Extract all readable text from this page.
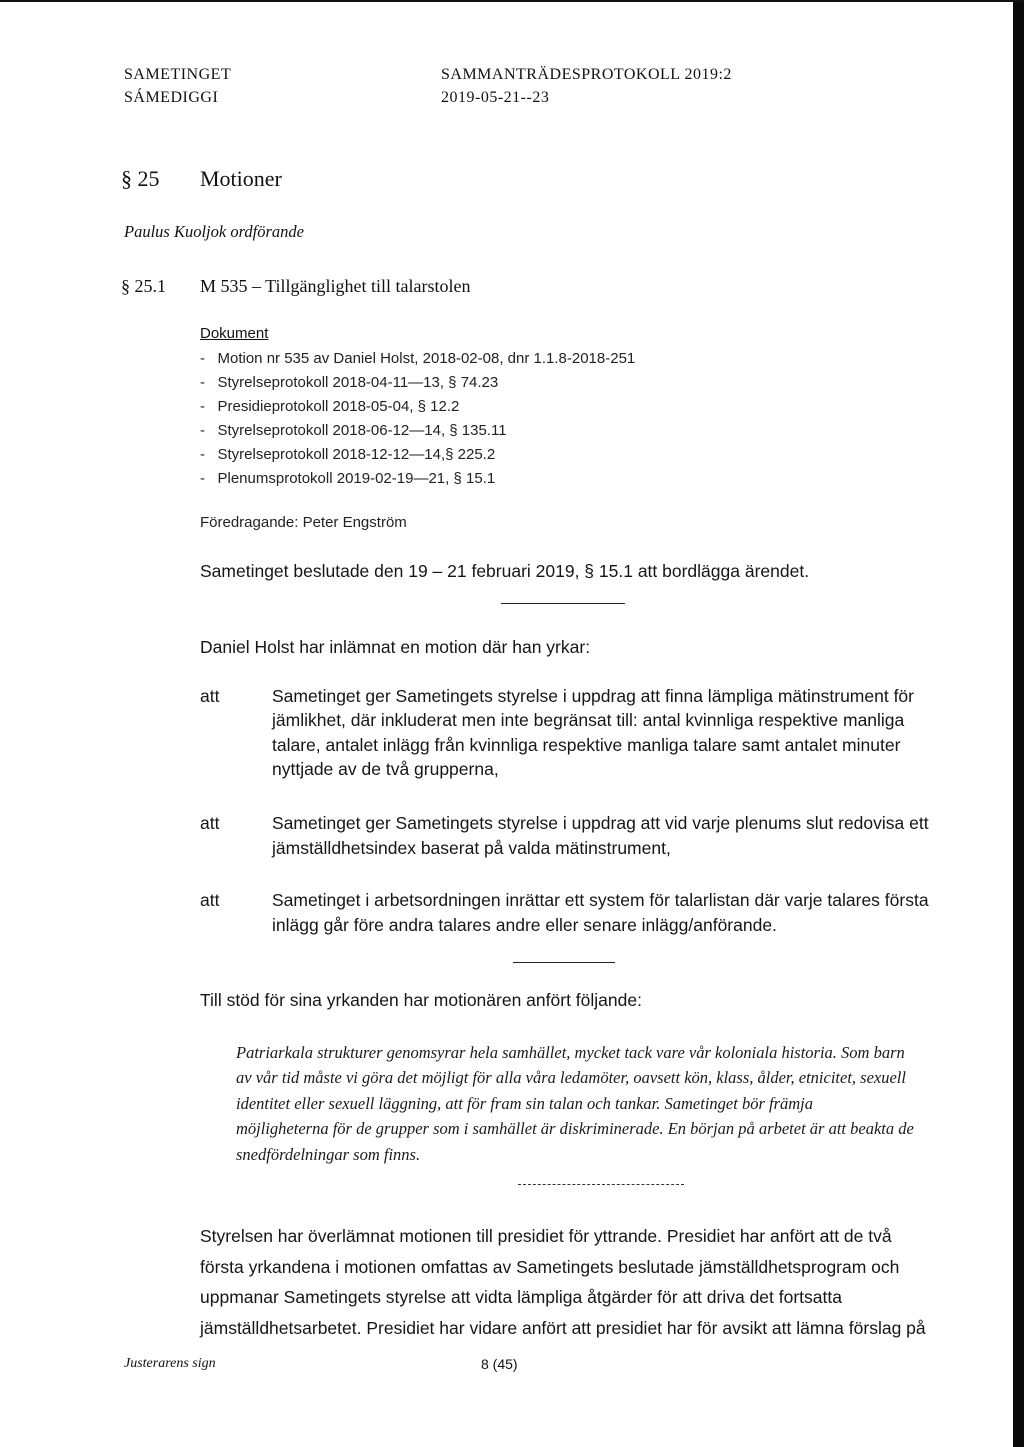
SAMETINGET
SÁMEDIGGI
SAMMANTRÄDESPROTOKOLL 2019:2
2019-05-21--23
§ 25 Motioner
Paulus Kuoljok ordförande
§ 25.1 M 535 – Tillgänglighet till talarstolen
Dokument
-   Motion nr 535 av Daniel Holst, 2018-02-08, dnr 1.1.8-2018-251
-   Styrelseprotokoll 2018-04-11—13, § 74.23
-   Presidieprotokoll 2018-05-04, § 12.2
-   Styrelseprotokoll 2018-06-12—14, § 135.11
-   Styrelseprotokoll 2018-12-12—14,§ 225.2
-   Plenumsprotokoll 2019-02-19—21, § 15.1
Föredragande: Peter Engström
Sametinget beslutade den 19 – 21 februari 2019, § 15.1 att bordlägga ärendet.
Daniel Holst har inlämnat en motion där han yrkar:
att	Sametinget ger Sametingets styrelse i uppdrag att finna lämpliga mätinstrument för
jämlikhet, där inkluderat men inte begränsat till: antal kvinnliga respektive manliga
talare, antalet inlägg från kvinnliga respektive manliga talare samt antalet minuter
nyttjade av de två grupperna,
att	Sametinget ger Sametingets styrelse i uppdrag att vid varje plenums slut redovisa ett
jämställdhetsindex baserat på valda mätinstrument,
att	Sametinget i arbetsordningen inrättar ett system för talarlistan där varje talares första
inlägg går före andra talares andre eller senare inlägg/anförande.
Till stöd för sina yrkanden har motionären anfört följande:
Patriarkala strukturer genomsyrar hela samhället, mycket tack vare vår koloniala historia. Som barn
av vår tid måste vi göra det möjligt för alla våra ledamöter, oavsett kön, klass, ålder, etnicitet, sexuell
identitet eller sexuell läggning, att för fram sin talan och tankar. Sametinget bör främja
möjligheterna för de grupper som i samhället är diskriminerade. En början på arbetet är att beakta de
snedfördelningar som finns.
Styrelsen har överlämnat motionen till presidiet för yttrande. Presidiet har anfört att de två
första yrkandena i motionen omfattas av Sametingets beslutade jämställdhetsprogram och
uppmanar Sametingets styrelse att vidta lämpliga åtgärder för att driva det fortsatta
jämställdhetsarbetet. Presidiet har vidare anfört att presidiet har för avsikt att lämna förslag på
Justerarens sign	8 (45)
